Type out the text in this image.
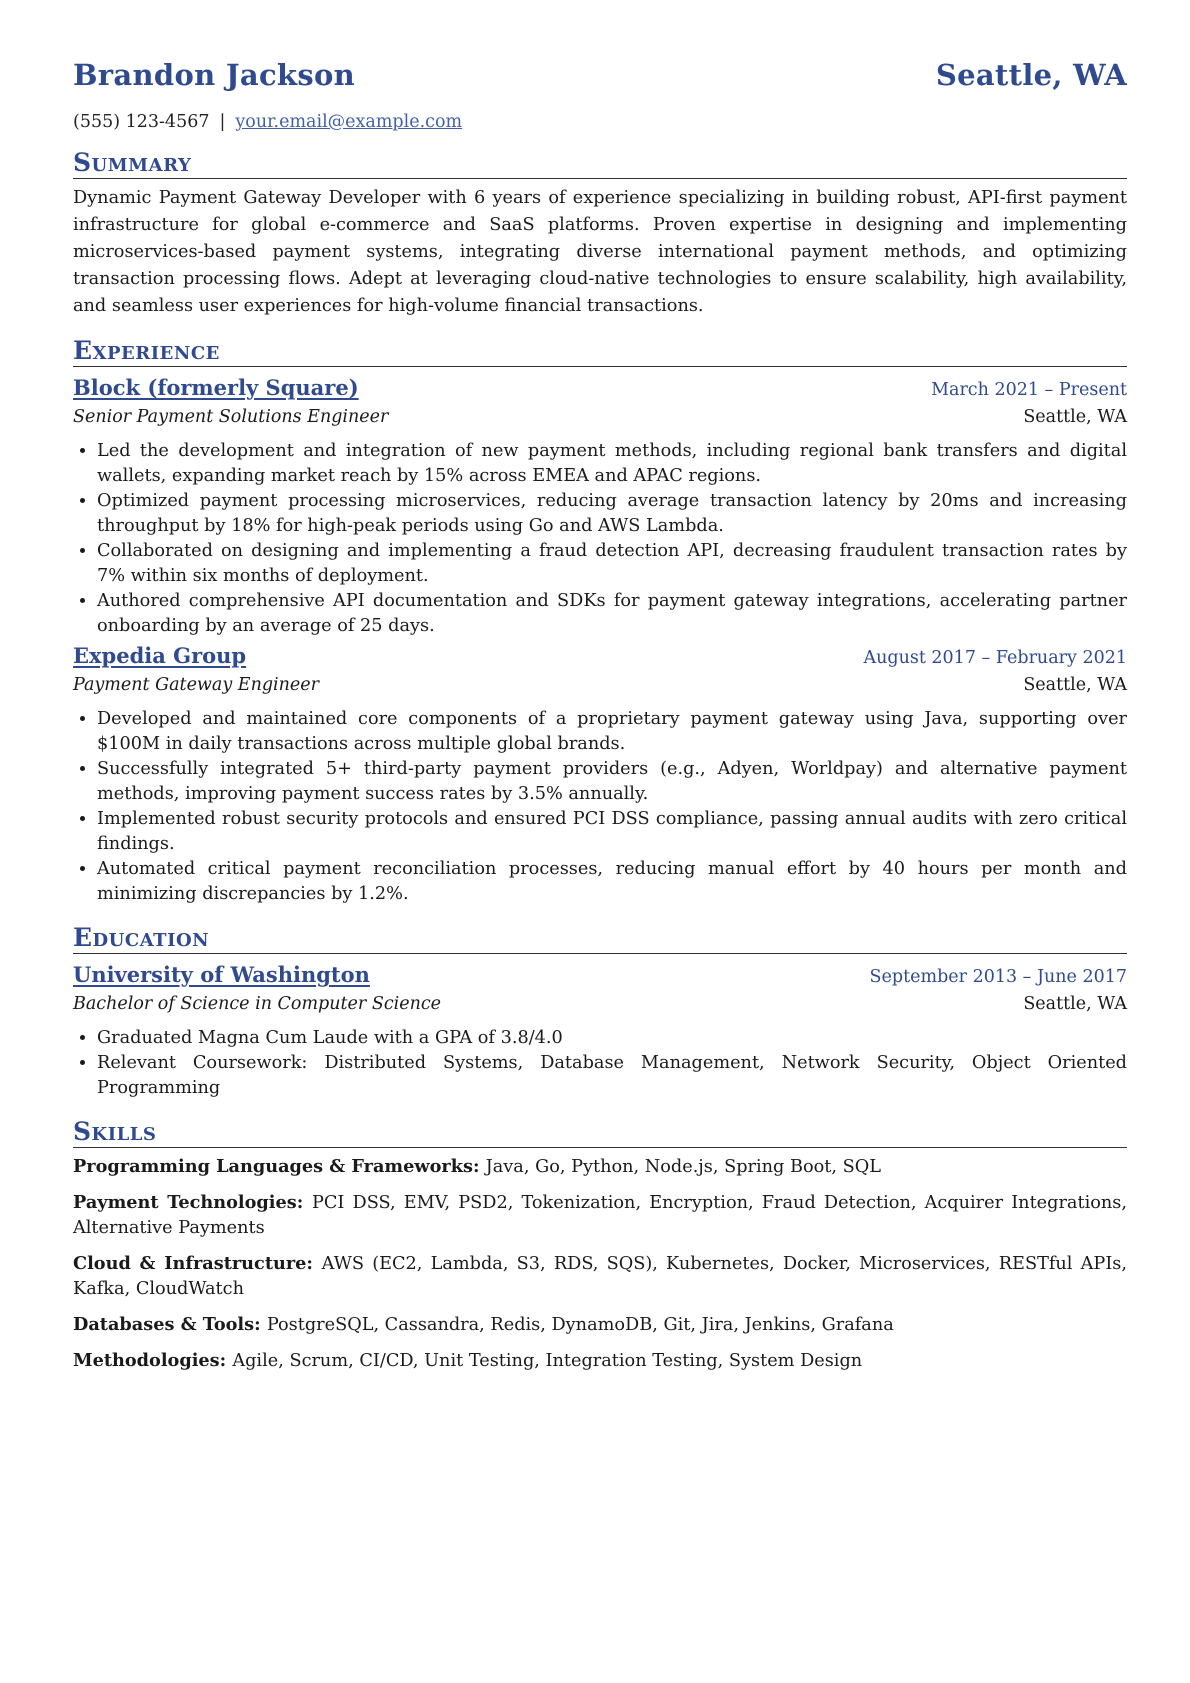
Brandon Jackson	Seattle, WA
(555) 123-4567 | your.email@example.com
Summary
Dynamic Payment Gateway Developer with 6 years of experience specializing in building robust, API-first payment infrastructure for global e-commerce and SaaS platforms. Proven expertise in designing and implementing microservices-based payment systems, integrating diverse international payment methods, and optimizing transaction processing flows. Adept at leveraging cloud-native technologies to ensure scalability, high availability, and seamless user experiences for high-volume financial transactions.
Experience
Block (formerly Square)	March 2021 – Present
Senior Payment Solutions Engineer	Seattle, WA
• Led the development and integration of new payment methods, including regional bank transfers and digital wallets, expanding market reach by 15% across EMEA and APAC regions.
• Optimized payment processing microservices, reducing average transaction latency by 20ms and increasing throughput by 18% for high-peak periods using Go and AWS Lambda.
• Collaborated on designing and implementing a fraud detection API, decreasing fraudulent transaction rates by 7% within six months of deployment.
• Authored comprehensive API documentation and SDKs for payment gateway integrations, accelerating partner onboarding by an average of 25 days.
Expedia Group	August 2017 – February 2021
Payment Gateway Engineer	Seattle, WA
• Developed and maintained core components of a proprietary payment gateway using Java, supporting over $100M in daily transactions across multiple global brands.
• Successfully integrated 5+ third-party payment providers (e.g., Adyen, Worldpay) and alternative payment methods, improving payment success rates by 3.5% annually.
• Implemented robust security protocols and ensured PCI DSS compliance, passing annual audits with zero critical findings.
• Automated critical payment reconciliation processes, reducing manual effort by 40 hours per month and minimizing discrepancies by 1.2%.
Education
University of Washington	September 2013 – June 2017
Bachelor of Science in Computer Science	Seattle, WA
• Graduated Magna Cum Laude with a GPA of 3.8/4.0
• Relevant Coursework: Distributed Systems, Database Management, Network Security, Object Oriented Programming
Skills
Programming Languages & Frameworks: Java, Go, Python, Node.js, Spring Boot, SQL
Payment Technologies: PCI DSS, EMV, PSD2, Tokenization, Encryption, Fraud Detection, Acquirer Integrations, Alternative Payments
Cloud & Infrastructure: AWS (EC2, Lambda, S3, RDS, SQS), Kubernetes, Docker, Microservices, RESTful APIs, Kafka, CloudWatch
Databases & Tools: PostgreSQL, Cassandra, Redis, DynamoDB, Git, Jira, Jenkins, Grafana
Methodologies: Agile, Scrum, CI/CD, Unit Testing, Integration Testing, System Design
